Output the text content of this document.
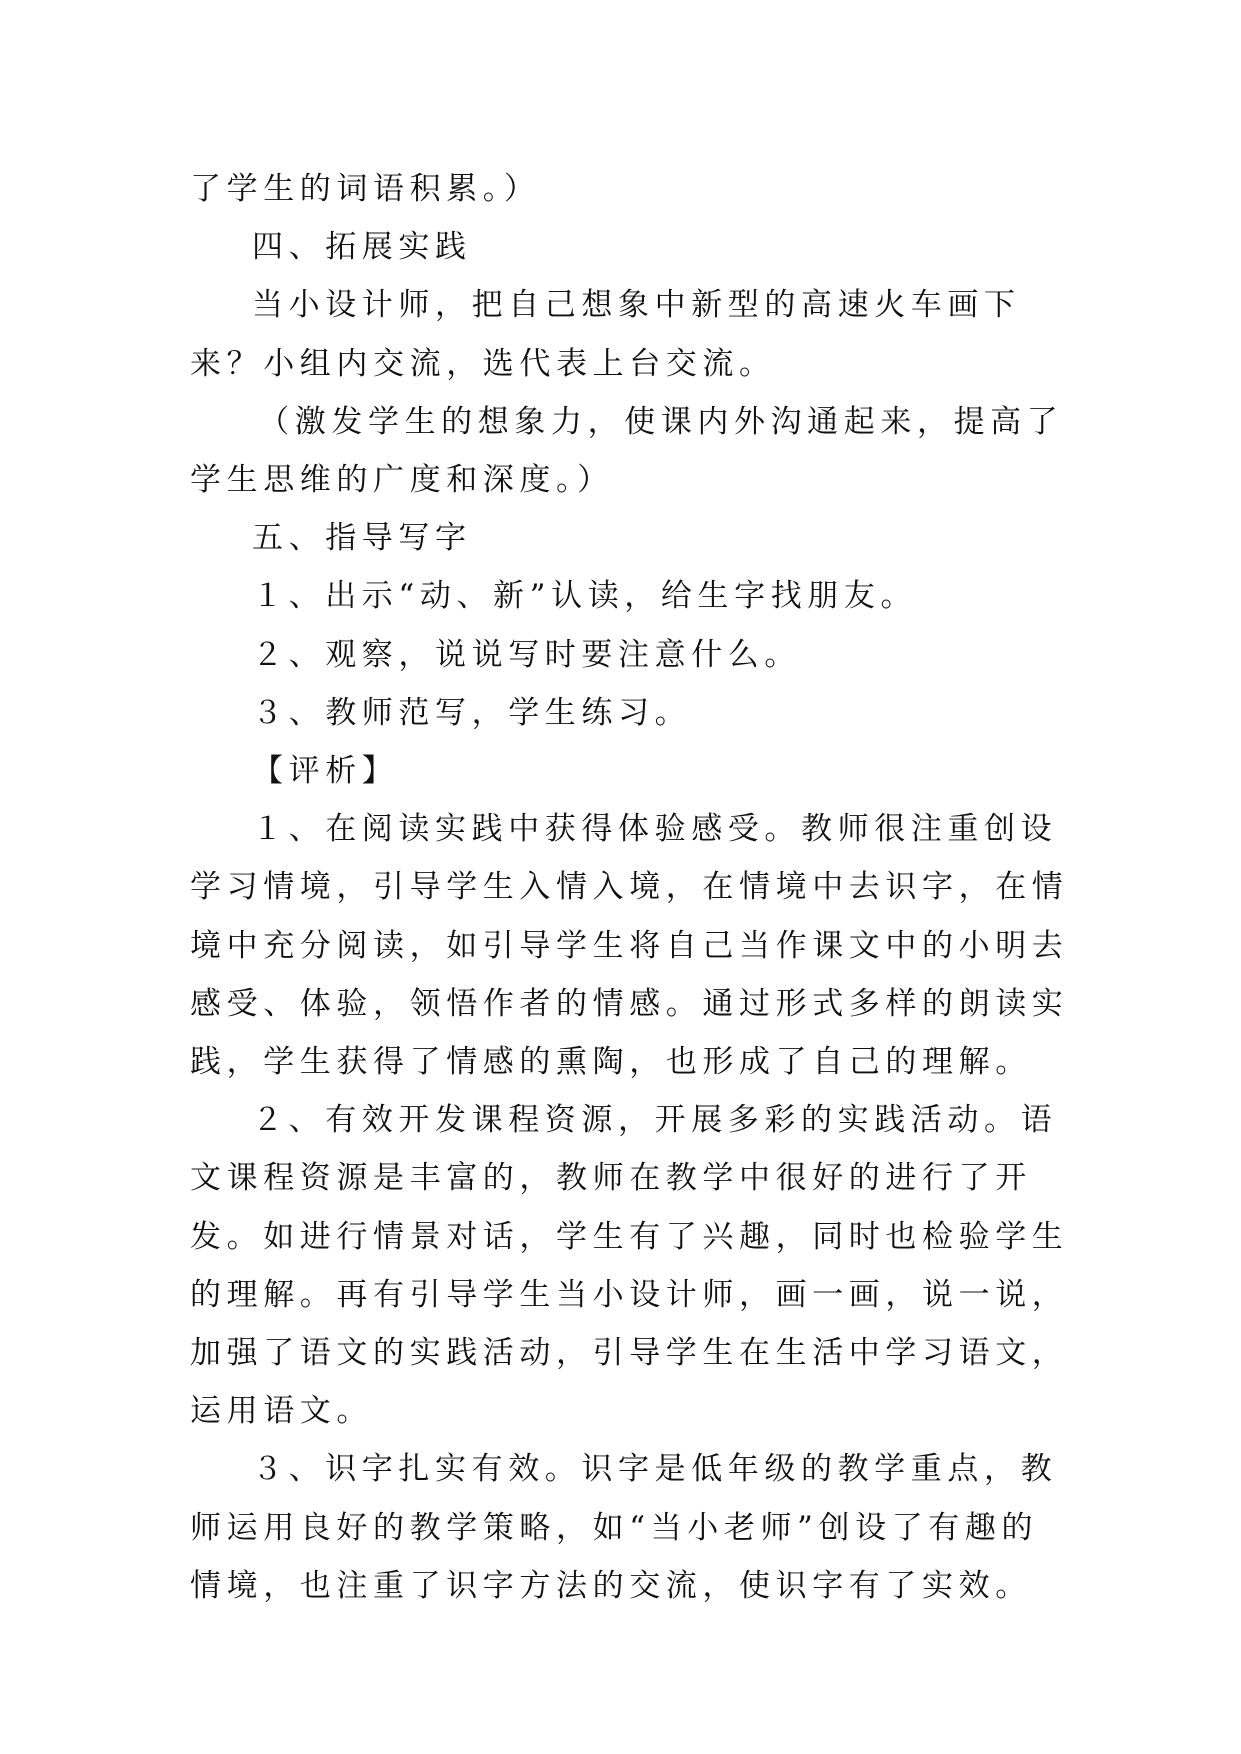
了学生的词语积累。）

四、拓展实践

当小设计师，把自己想象中新型的高速火车画下来？小组内交流，选代表上台交流。

（激发学生的想象力，使课内外沟通起来，提高了学生思维的广度和深度。）

五、指导写字

１、出示“动、新”认读，给生字找朋友。

２、观察，说说写时要注意什么。

３、教师范写，学生练习。

【评析】

１、在阅读实践中获得体验感受。教师很注重创设学习情境，引导学生入情入境，在情境中去识字，在情境中充分阅读，如引导学生将自己当作课文中的小明去感受、体验，领悟作者的情感。通过形式多样的朗读实践，学生获得了情感的熏陶，也形成了自己的理解。

２、有效开发课程资源，开展多彩的实践活动。语文课程资源是丰富的，教师在教学中很好的进行了开发。如进行情景对话，学生有了兴趣，同时也检验学生的理解。再有引导学生当小设计师，画一画，说一说，加强了语文的实践活动，引导学生在生活中学习语文，运用语文。

３、识字扎实有效。识字是低年级的教学重点，教师运用良好的教学策略，如“当小老师”创设了有趣的情境，也注重了识字方法的交流，使识字有了实效。
